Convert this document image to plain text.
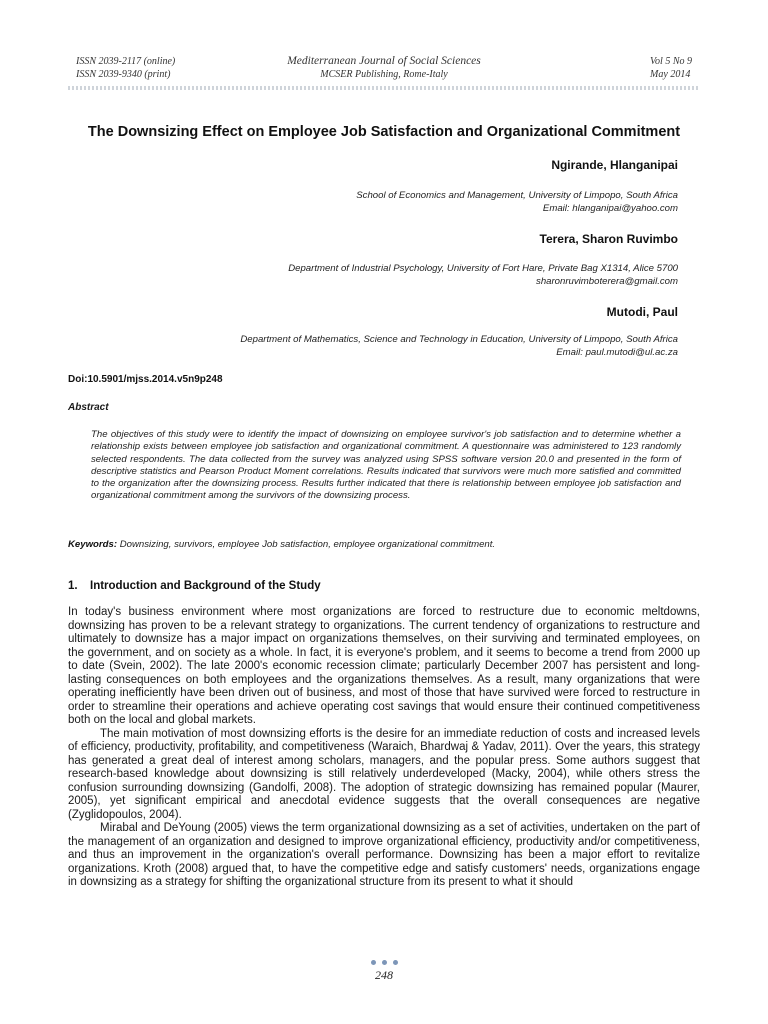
ISSN 2039-2117 (online)
ISSN 2039-9340 (print)
Mediterranean Journal of Social Sciences
MCSER Publishing, Rome-Italy
Vol 5 No 9
May 2014
The Downsizing Effect on Employee Job Satisfaction and Organizational Commitment
Ngirande, Hlanganipai
School of Economics and Management, University of Limpopo, South Africa
Email: hlanganipai@yahoo.com
Terera, Sharon Ruvimbo
Department of Industrial Psychology, University of Fort Hare, Private Bag X1314, Alice 5700
sharonruvimboterera@gmail.com
Mutodi, Paul
Department of Mathematics, Science and Technology in Education, University of Limpopo, South Africa
Email: paul.mutodi@ul.ac.za
Doi:10.5901/mjss.2014.v5n9p248
Abstract
The objectives of this study were to identify the impact of downsizing on employee survivor's job satisfaction and to determine whether a relationship exists between employee job satisfaction and organizational commitment. A questionnaire was administered to 123 randomly selected respondents. The data collected from the survey was analyzed using SPSS software version 20.0 and presented in the form of descriptive statistics and Pearson Product Moment correlations. Results indicated that survivors were much more satisfied and committed to the organization after the downsizing process. Results further indicated that there is relationship between employee job satisfaction and organizational commitment among the survivors of the downsizing process.
Keywords: Downsizing, survivors, employee Job satisfaction, employee organizational commitment.
1. Introduction and Background of the Study

In today's business environment where most organizations are forced to restructure due to economic meltdowns, downsizing has proven to be a relevant strategy to organizations. The current tendency of organizations to restructure and ultimately to downsize has a major impact on organizations themselves, on their surviving and terminated employees, on the government, and on society as a whole. In fact, it is everyone's problem, and it seems to become a trend from 2000 up to date (Svein, 2002). The late 2000's economic recession climate; particularly December 2007 has persistent and long-lasting consequences on both employees and the organizations themselves. As a result, many organizations that were operating inefficiently have been driven out of business, and most of those that have survived were forced to restructure in order to streamline their operations and achieve operating cost savings that would ensure their continued competitiveness both on the local and global markets.

The main motivation of most downsizing efforts is the desire for an immediate reduction of costs and increased levels of efficiency, productivity, profitability, and competitiveness (Waraich, Bhardwaj & Yadav, 2011). Over the years, this strategy has generated a great deal of interest among scholars, managers, and the popular press. Some authors suggest that research-based knowledge about downsizing is still relatively underdeveloped (Macky, 2004), while others stress the confusion surrounding downsizing (Gandolfi, 2008). The adoption of strategic downsizing has remained popular (Maurer, 2005), yet significant empirical and anecdotal evidence suggests that the overall consequences are negative (Zyglidopoulos, 2004).

Mirabal and DeYoung (2005) views the term organizational downsizing as a set of activities, undertaken on the part of the management of an organization and designed to improve organizational efficiency, productivity and/or competitiveness, and thus an improvement in the organization's overall performance. Downsizing has been a major effort to revitalize organizations. Kroth (2008) argued that, to have the competitive edge and satisfy customers' needs, organizations engage in downsizing as a strategy for shifting the organizational structure from its present to what it should

248
